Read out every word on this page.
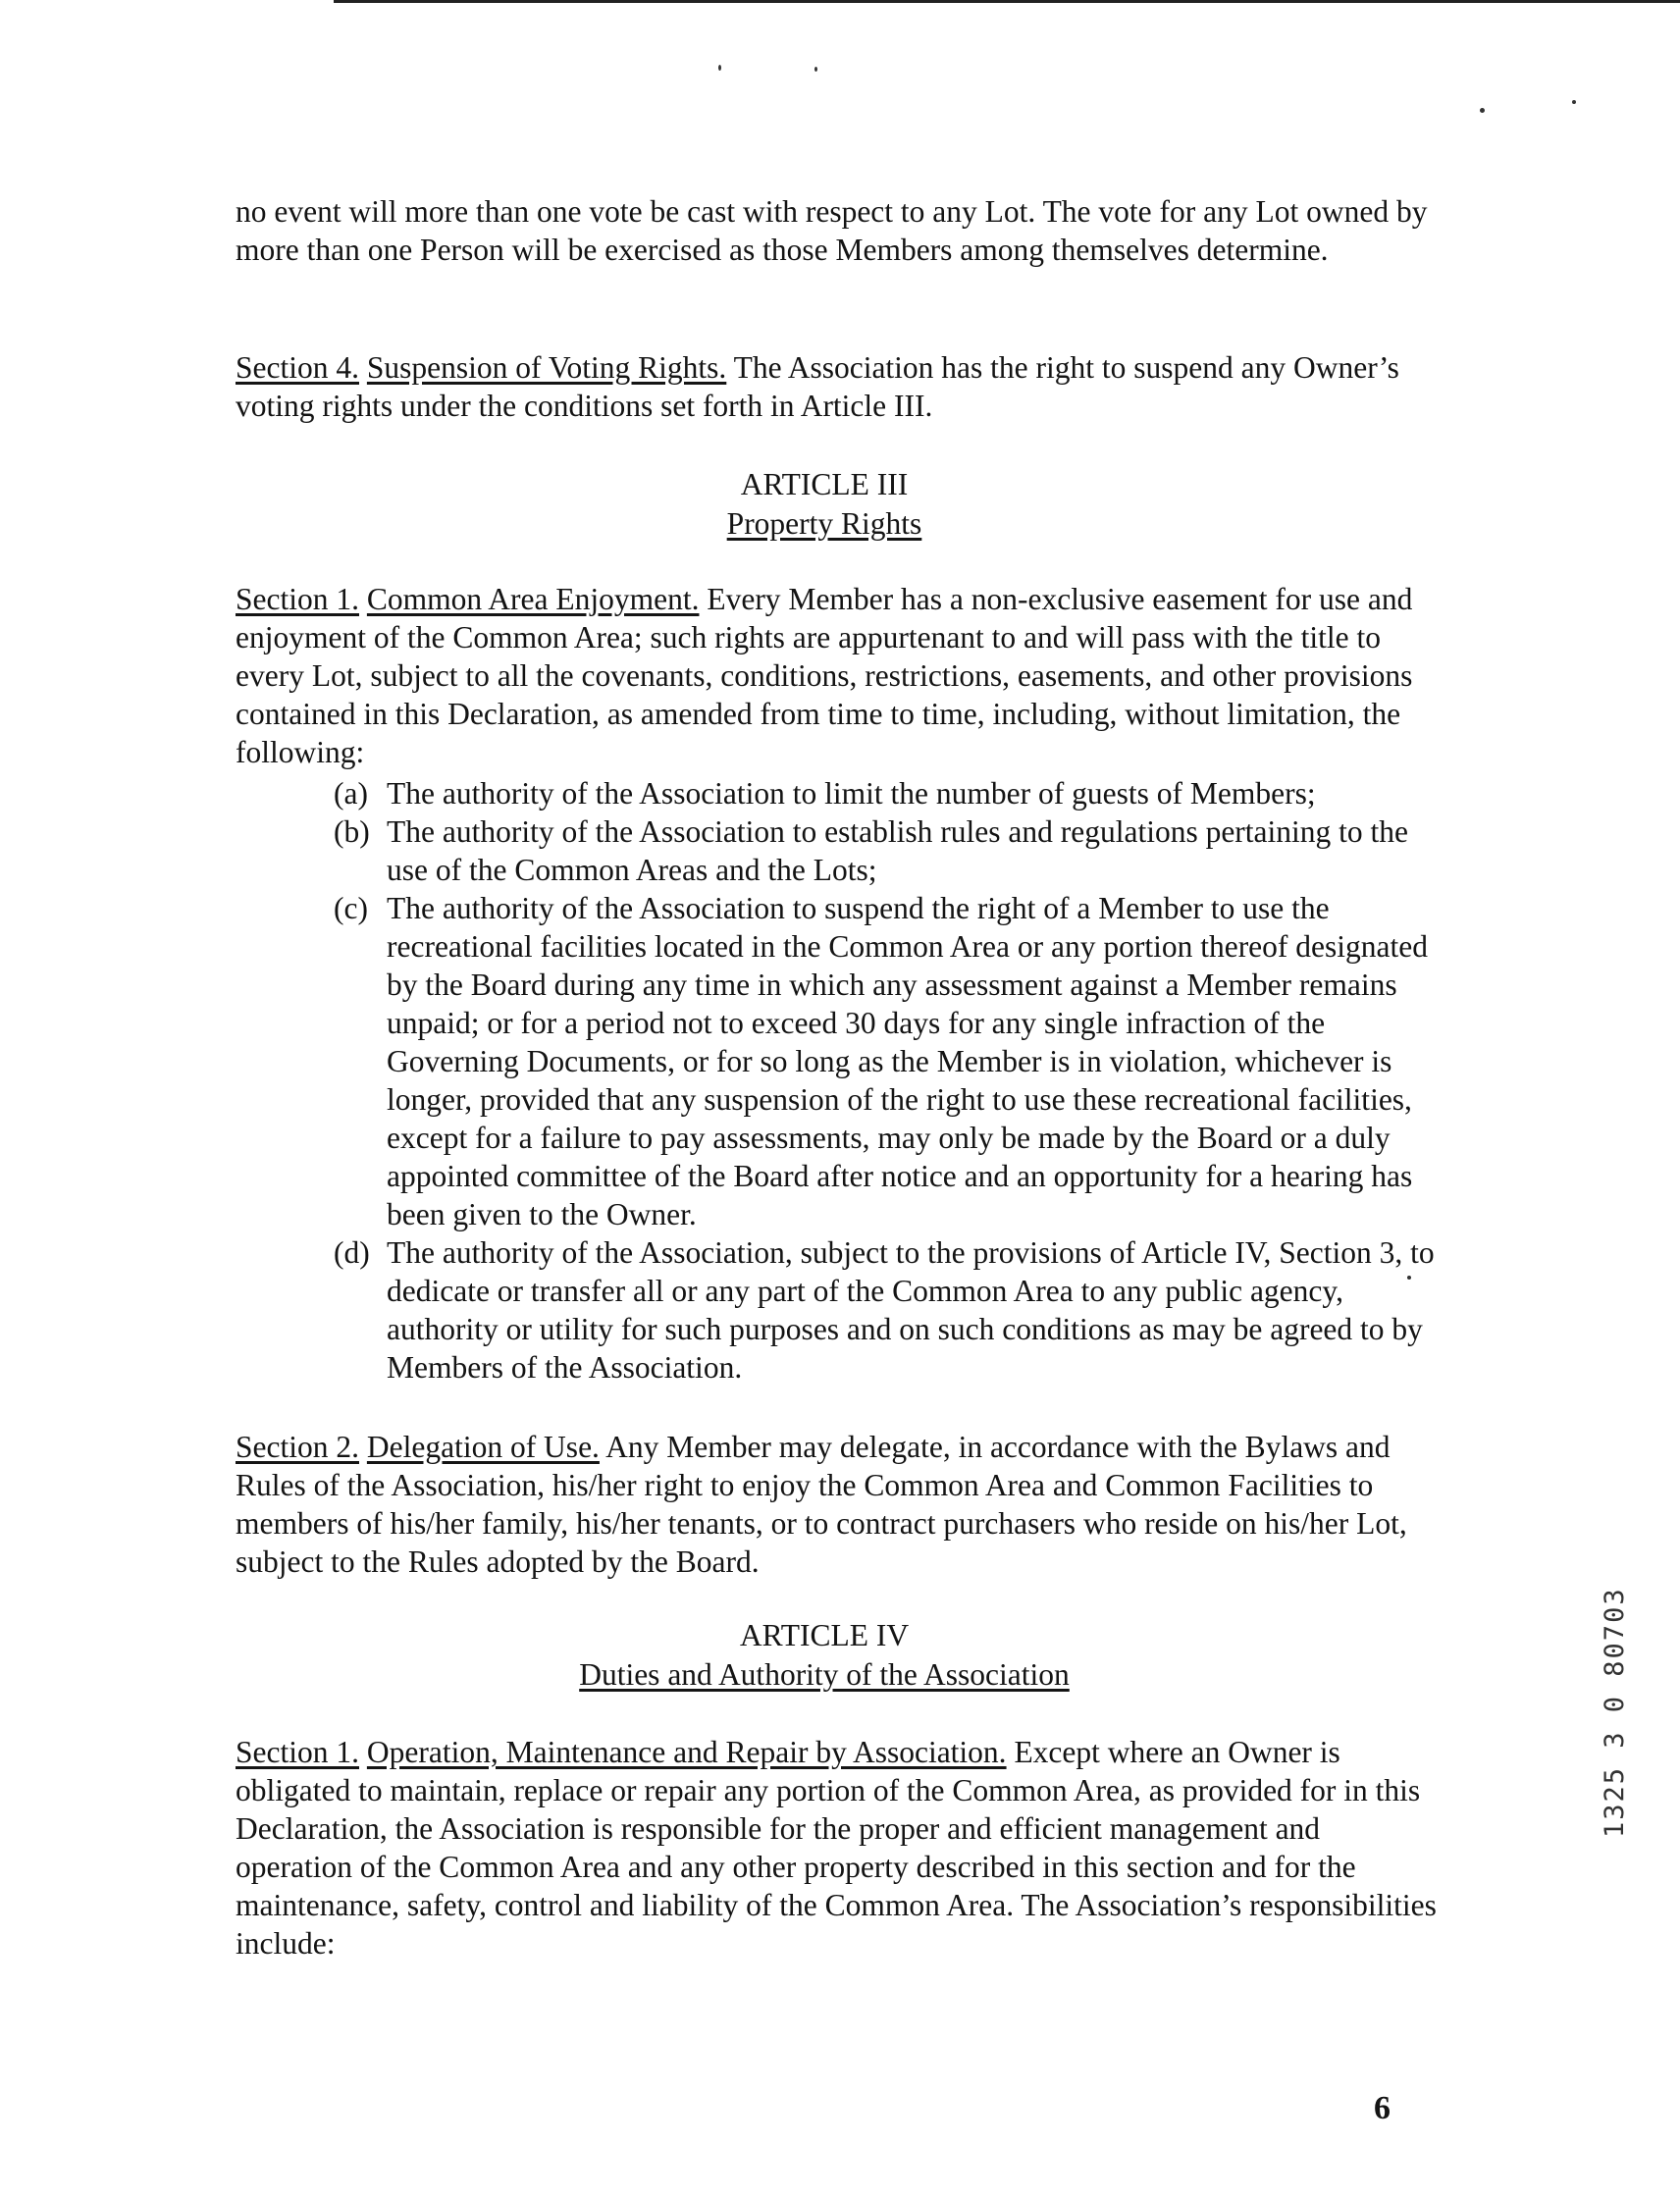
no event will more than one vote be cast with respect to any Lot. The vote for any Lot owned by more than one Person will be exercised as those Members among themselves determine.

Section 4. Suspension of Voting Rights. The Association has the right to suspend any Owner’s voting rights under the conditions set forth in Article III.

ARTICLE III
Property Rights

Section 1. Common Area Enjoyment. Every Member has a non-exclusive easement for use and enjoyment of the Common Area; such rights are appurtenant to and will pass with the title to every Lot, subject to all the covenants, conditions, restrictions, easements, and other provisions contained in this Declaration, as amended from time to time, including, without limitation, the following:

(a) The authority of the Association to limit the number of guests of Members;
(b) The authority of the Association to establish rules and regulations pertaining to the use of the Common Areas and the Lots;
(c) The authority of the Association to suspend the right of a Member to use the recreational facilities located in the Common Area or any portion thereof designated by the Board during any time in which any assessment against a Member remains unpaid; or for a period not to exceed 30 days for any single infraction of the Governing Documents, or for so long as the Member is in violation, whichever is longer, provided that any suspension of the right to use these recreational facilities, except for a failure to pay assessments, may only be made by the Board or a duly appointed committee of the Board after notice and an opportunity for a hearing has been given to the Owner.
(d) The authority of the Association, subject to the provisions of Article IV, Section 3, to dedicate or transfer all or any part of the Common Area to any public agency, authority or utility for such purposes and on such conditions as may be agreed to by Members of the Association.

Section 2. Delegation of Use. Any Member may delegate, in accordance with the Bylaws and Rules of the Association, his/her right to enjoy the Common Area and Common Facilities to members of his/her family, his/her tenants, or to contract purchasers who reside on his/her Lot, subject to the Rules adopted by the Board.

ARTICLE IV
Duties and Authority of the Association

Section 1. Operation, Maintenance and Repair by Association. Except where an Owner is obligated to maintain, replace or repair any portion of the Common Area, as provided for in this Declaration, the Association is responsible for the proper and efficient management and operation of the Common Area and any other property described in this section and for the maintenance, safety, control and liability of the Common Area. The Association’s responsibilities include:

1325 3 0 80703
6
